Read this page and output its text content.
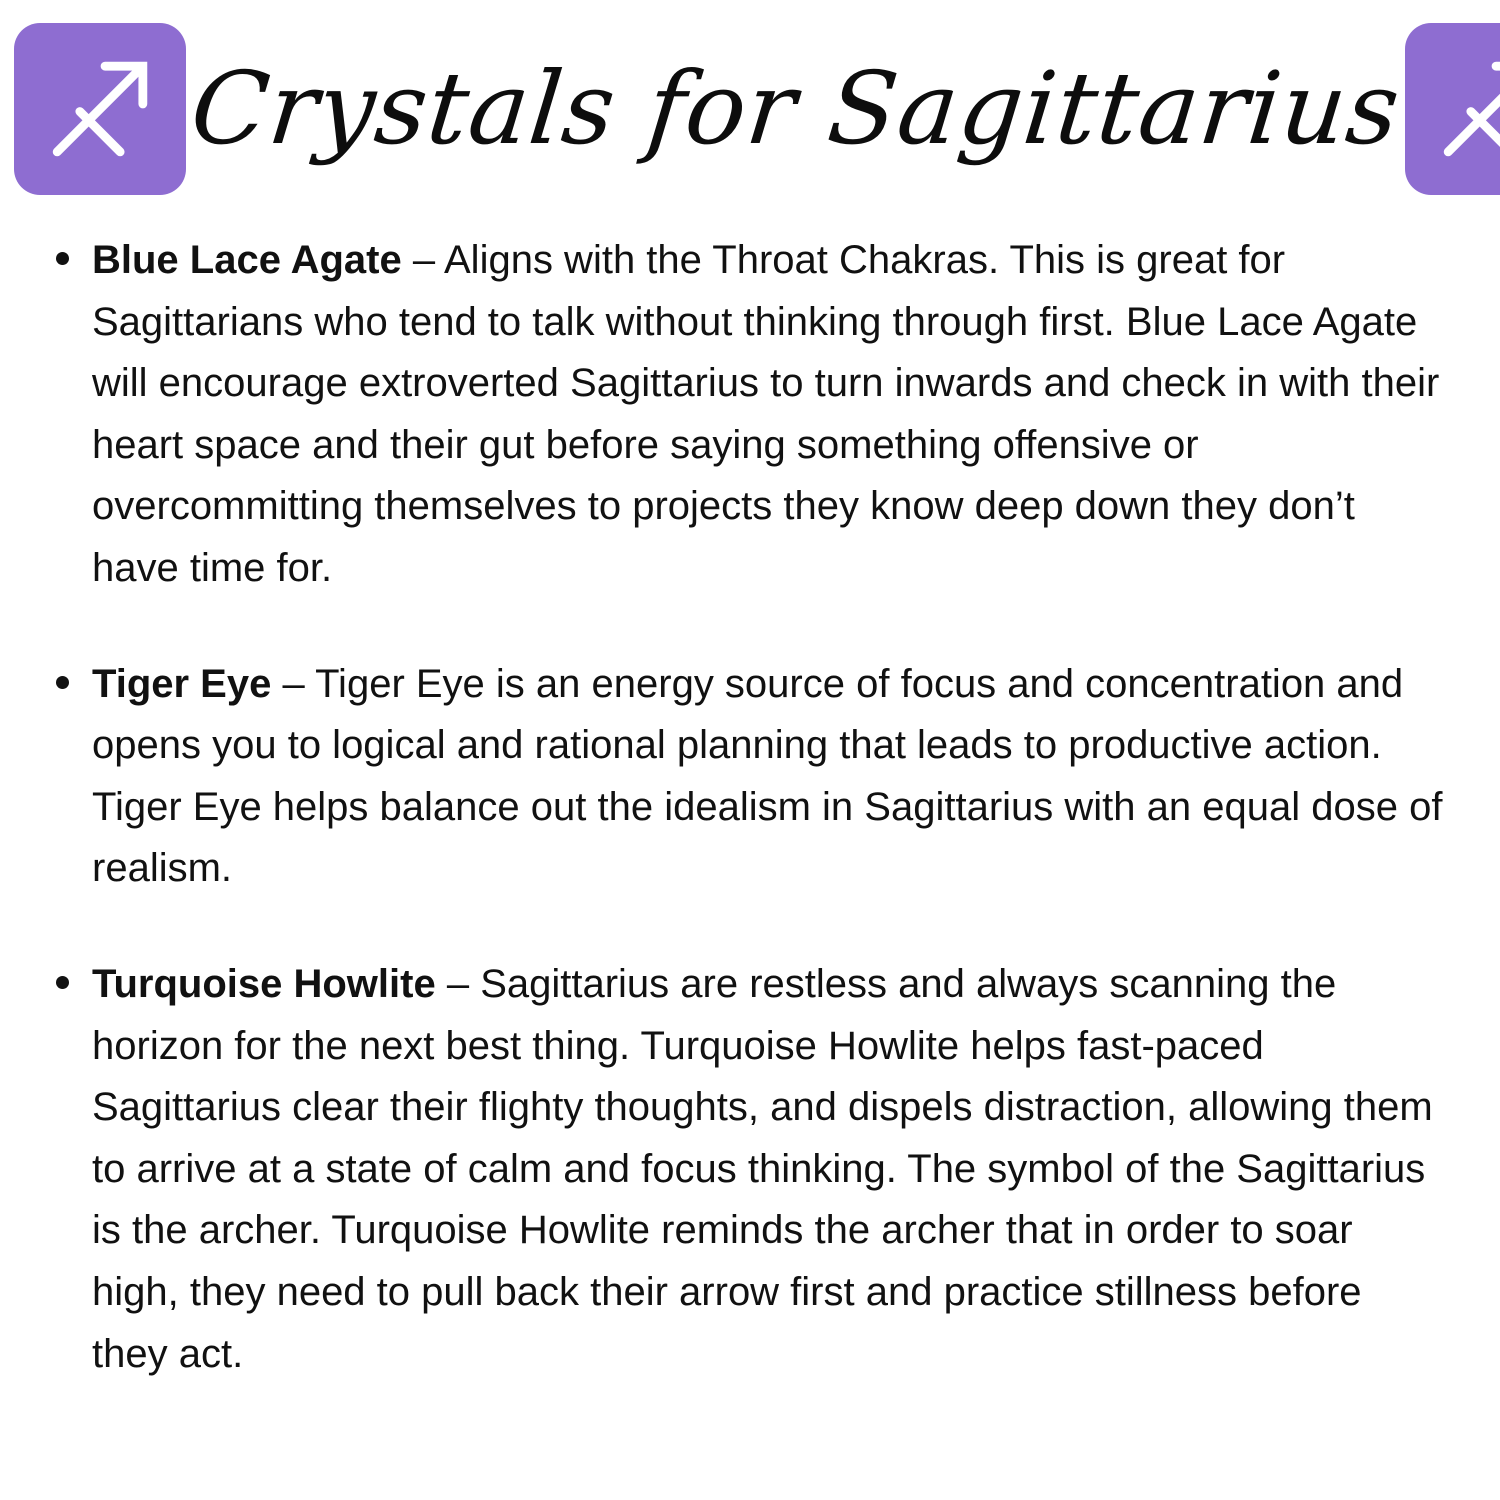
Crystals for Sagittarius
Blue Lace Agate – Aligns with the Throat Chakras. This is great for Sagittarians who tend to talk without thinking through first. Blue Lace Agate will encourage extroverted Sagittarius to turn inwards and check in with their heart space and their gut before saying something offensive or overcommitting themselves to projects they know deep down they don’t have time for.
Tiger Eye – Tiger Eye is an energy source of focus and concentration and opens you to logical and rational planning that leads to productive action. Tiger Eye helps balance out the idealism in Sagittarius with an equal dose of realism.
Turquoise Howlite – Sagittarius are restless and always scanning the horizon for the next best thing. Turquoise Howlite helps fast-paced Sagittarius clear their flighty thoughts, and dispels distraction, allowing them to arrive at a state of calm and focus thinking. The symbol of the Sagittarius is the archer. Turquoise Howlite reminds the archer that in order to soar high, they need to pull back their arrow first and practice stillness before they act.
